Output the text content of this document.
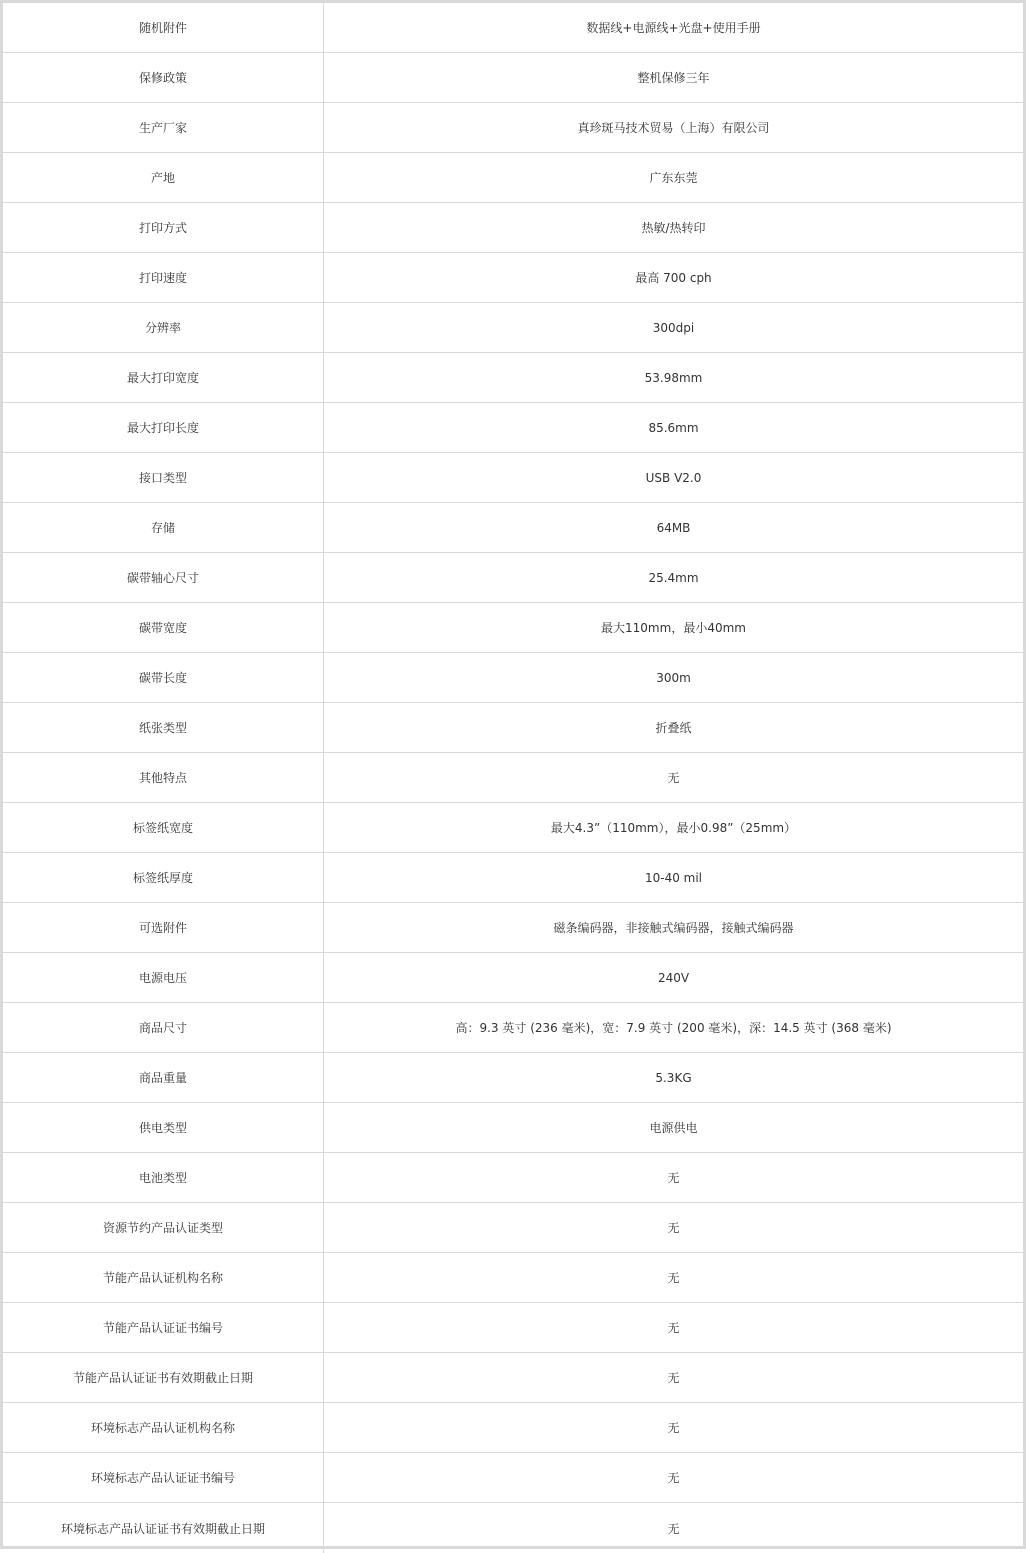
随机附件	数据线+电源线+光盘+使用手册
保修政策	整机保修三年
生产厂家	真珍斑马技术贸易（上海）有限公司
产地	广东东莞
打印方式	热敏/热转印
打印速度	最高 700 cph
分辨率	300dpi
最大打印宽度	53.98mm
最大打印长度	85.6mm
接口类型	USB V2.0
存储	64MB
碳带轴心尺寸	25.4mm
碳带宽度	最大110mm，最小40mm
碳带长度	300m
纸张类型	折叠纸
其他特点	无
标签纸宽度	最大4.3”（110mm），最小0.98”（25mm）
标签纸厚度	10-40 mil
可选附件	磁条编码器，非接触式编码器，接触式编码器
电源电压	240V
商品尺寸	高：9.3 英寸 (236 毫米)，宽：7.9 英寸 (200 毫米)，深：14.5 英寸 (368 毫米)
商品重量	5.3KG
供电类型	电源供电
电池类型	无
资源节约产品认证类型	无
节能产品认证机构名称	无
节能产品认证证书编号	无
节能产品认证证书有效期截止日期	无
环境标志产品认证机构名称	无
环境标志产品认证证书编号	无
环境标志产品认证证书有效期截止日期	无
